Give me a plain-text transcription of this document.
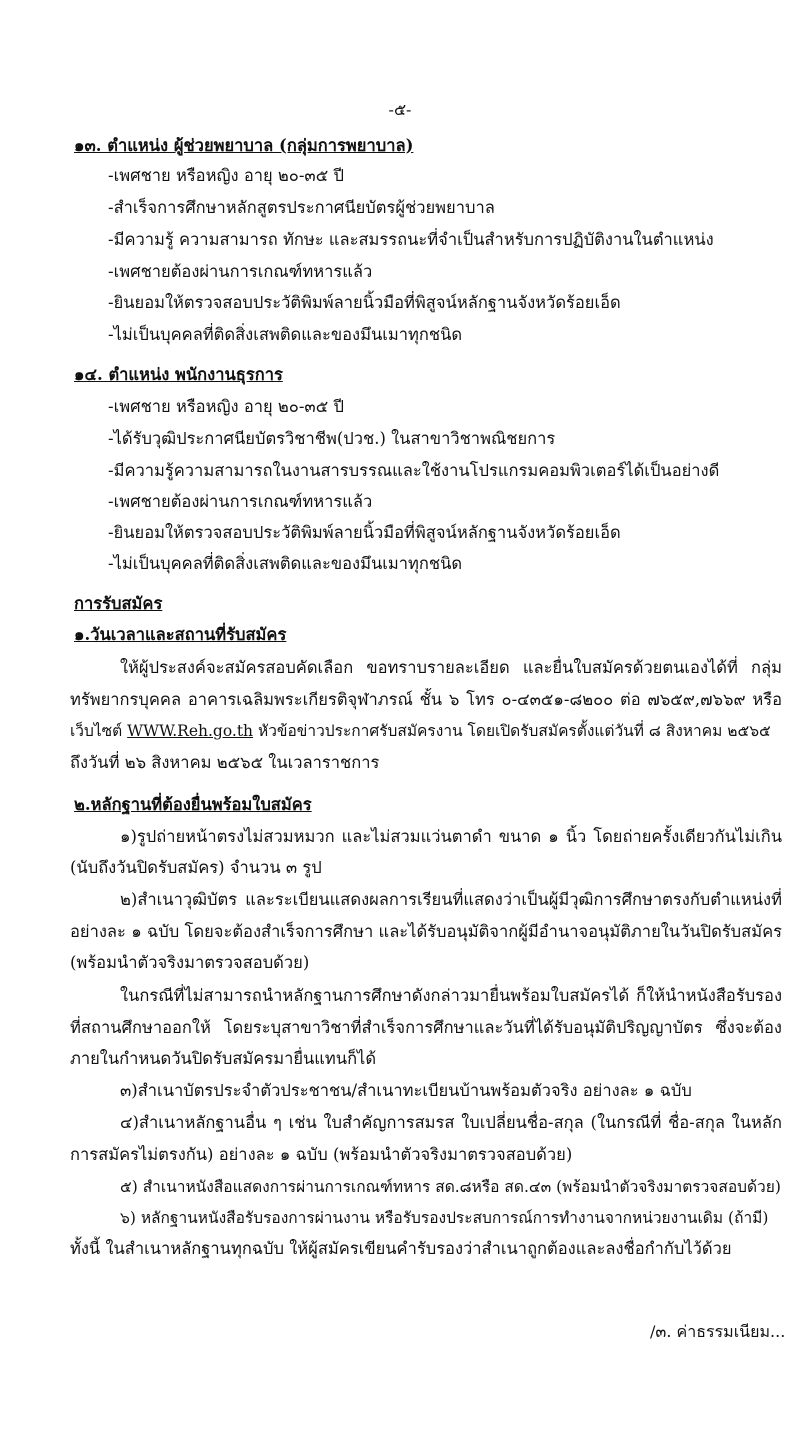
-๕-
๑๓. ตำแหน่ง ผู้ช่วยพยาบาล (กลุ่มการพยาบาล)
-เพศชาย หรือหญิง อายุ ๒๐-๓๕ ปี
-สำเร็จการศึกษาหลักสูตรประกาศนียบัตรผู้ช่วยพยาบาล
-มีความรู้ ความสามารถ ทักษะ และสมรรถนะที่จำเป็นสำหรับการปฏิบัติงานในตำแหน่ง
-เพศชายต้องผ่านการเกณฑ์ทหารแล้ว
-ยินยอมให้ตรวจสอบประวัติพิมพ์ลายนิ้วมือที่พิสูจน์หลักฐานจังหวัดร้อยเอ็ด
-ไม่เป็นบุคคลที่ติดสิ่งเสพติดและของมึนเมาทุกชนิด
๑๔. ตำแหน่ง พนักงานธุรการ
-เพศชาย หรือหญิง อายุ ๒๐-๓๕ ปี
-ได้รับวุฒิประกาศนียบัตรวิชาชีพ(ปวช.) ในสาขาวิชาพณิชยการ
-มีความรู้ความสามารถในงานสารบรรณและใช้งานโปรแกรมคอมพิวเตอร์ได้เป็นอย่างดี
-เพศชายต้องผ่านการเกณฑ์ทหารแล้ว
-ยินยอมให้ตรวจสอบประวัติพิมพ์ลายนิ้วมือที่พิสูจน์หลักฐานจังหวัดร้อยเอ็ด
-ไม่เป็นบุคคลที่ติดสิ่งเสพติดและของมึนเมาทุกชนิด
การรับสมัคร
๑.วันเวลาและสถานที่รับสมัคร
ให้ผู้ประสงค์จะสมัครสอบคัดเลือก ขอทราบรายละเอียด และยื่นใบสมัครด้วยตนเองได้ที่ กลุ่ม
ทรัพยากรบุคคล อาคารเฉลิมพระเกียรติจุฬาภรณ์ ชั้น ๖ โทร ๐-๔๓๕๑-๘๒๐๐ ต่อ ๗๖๕๙,๗๖๖๙ หรือ
เว็บไซต์ WWW.Reh.go.th หัวข้อข่าวประกาศรับสมัครงาน โดยเปิดรับสมัครตั้งแต่วันที่ ๘ สิงหาคม ๒๕๖๕
ถึงวันที่ ๒๖ สิงหาคม ๒๕๖๕ ในเวลาราชการ
๒.หลักฐานที่ต้องยื่นพร้อมใบสมัคร
๑)รูปถ่ายหน้าตรงไม่สวมหมวก และไม่สวมแว่นตาดำ ขนาด ๑ นิ้ว โดยถ่ายครั้งเดียวกันไม่เกิน
(นับถึงวันปิดรับสมัคร) จำนวน ๓ รูป
๒)สำเนาวุฒิบัตร และระเบียนแสดงผลการเรียนที่แสดงว่าเป็นผู้มีวุฒิการศึกษาตรงกับตำแหน่งที่
อย่างละ ๑ ฉบับ โดยจะต้องสำเร็จการศึกษา และได้รับอนุมัติจากผู้มีอำนาจอนุมัติภายในวันปิดรับสมัคร
(พร้อมนำตัวจริงมาตรวจสอบด้วย)
ในกรณีที่ไม่สามารถนำหลักฐานการศึกษาดังกล่าวมายื่นพร้อมใบสมัครได้ ก็ให้นำหนังสือรับรอง
ที่สถานศึกษาออกให้ โดยระบุสาขาวิชาที่สำเร็จการศึกษาและวันที่ได้รับอนุมัติปริญญาบัตร ซึ่งจะต้อง
ภายในกำหนดวันปิดรับสมัครมายื่นแทนก็ได้
๓)สำเนาบัตรประจำตัวประชาชน/สำเนาทะเบียนบ้านพร้อมตัวจริง อย่างละ ๑ ฉบับ
๔)สำเนาหลักฐานอื่น ๆ เช่น ใบสำคัญการสมรส ใบเปลี่ยนชื่อ-สกุล (ในกรณีที่ ชื่อ-สกุล ในหลัก
การสมัครไม่ตรงกัน) อย่างละ ๑ ฉบับ (พร้อมนำตัวจริงมาตรวจสอบด้วย)
๕) สำเนาหนังสือแสดงการผ่านการเกณฑ์ทหาร สด.๘หรือ สด.๔๓ (พร้อมนำตัวจริงมาตรวจสอบด้วย)
๖) หลักฐานหนังสือรับรองการผ่านงาน หรือรับรองประสบการณ์การทำงานจากหน่วยงานเดิม (ถ้ามี)
ทั้งนี้ ในสำเนาหลักฐานทุกฉบับ ให้ผู้สมัครเขียนคำรับรองว่าสำเนาถูกต้องและลงชื่อกำกับไว้ด้วย
/๓. ค่าธรรมเนียม...
